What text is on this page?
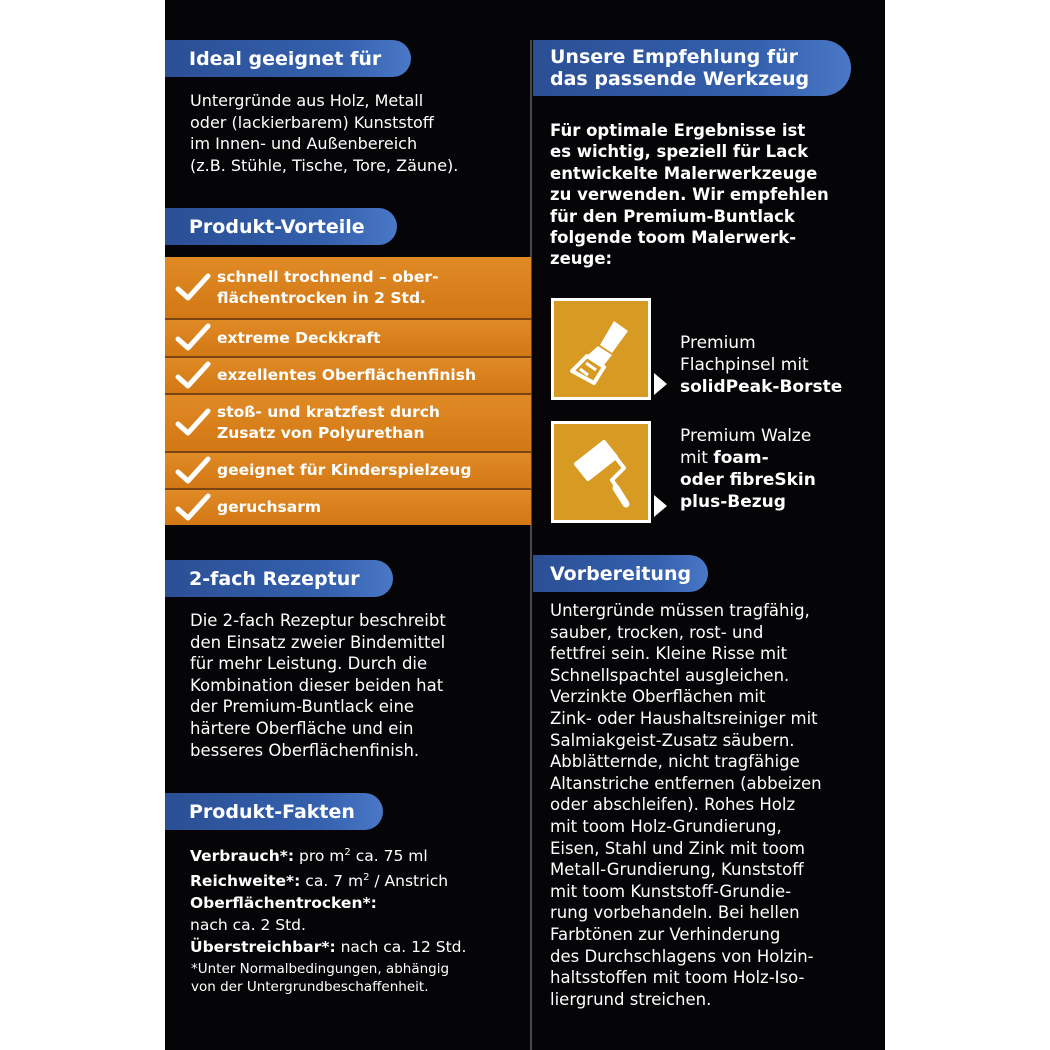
Ideal geeignet für
Untergründe aus Holz, Metall
oder (lackierbarem) Kunststoff
im Innen- und Außenbereich
(z.B. Stühle, Tische, Tore, Zäune).
Produkt-Vorteile
schnell trochnend – ober-
flächentrocken in 2 Std.
extreme Deckkraft
exzellentes Oberflächenfinish
stoß- und kratzfest durch
Zusatz von Polyurethan
geeignet für Kinderspielzeug
geruchsarm
2-fach Rezeptur
Die 2-fach Rezeptur beschreibt
den Einsatz zweier Bindemittel
für mehr Leistung. Durch die
Kombination dieser beiden hat
der Premium-Buntlack eine
härtere Oberfläche und ein
besseres Oberflächenfinish.
Produkt-Fakten
Verbrauch*: pro $m^2$ ca. 75 ml
Reichweite*: ca. 7 $m^2$ / Anstrich
Oberflächentrocken*:
nach ca. 2 Std.
Überstreichbar*: nach ca. 12 Std.
*Unter Normalbedingungen, abhängig
von der Untergrundbeschaffenheit.
Unsere Empfehlung für
das passende Werkzeug
Für optimale Ergebnisse ist
es wichtig, speziell für Lack
entwickelte Malerwerkzeuge
zu verwenden. Wir empfehlen
für den Premium-Buntlack
folgende toom Malerwerk-
zeuge:
Premium
Flachpinsel mit
solidPeak-Borste
Premium Walze
mit foam-
oder fibreSkin
plus-Bezug
Vorbereitung
Untergründe müssen tragfähig,
sauber, trocken, rost- und
fettfrei sein. Kleine Risse mit
Schnellspachtel ausgleichen.
Verzinkte Oberflächen mit
Zink- oder Haushaltsreiniger mit
Salmiakgeist-Zusatz säubern.
Abblätternde, nicht tragfähige
Altanstriche entfernen (abbeizen
oder abschleifen). Rohes Holz
mit toom Holz-Grundierung,
Eisen, Stahl und Zink mit toom
Metall-Grundierung, Kunststoff
mit toom Kunststoff-Grundie-
rung vorbehandeln. Bei hellen
Farbtönen zur Verhinderung
des Durchschlagens von Holzin-
haltsstoffen mit toom Holz-Iso-
liergrund streichen.
